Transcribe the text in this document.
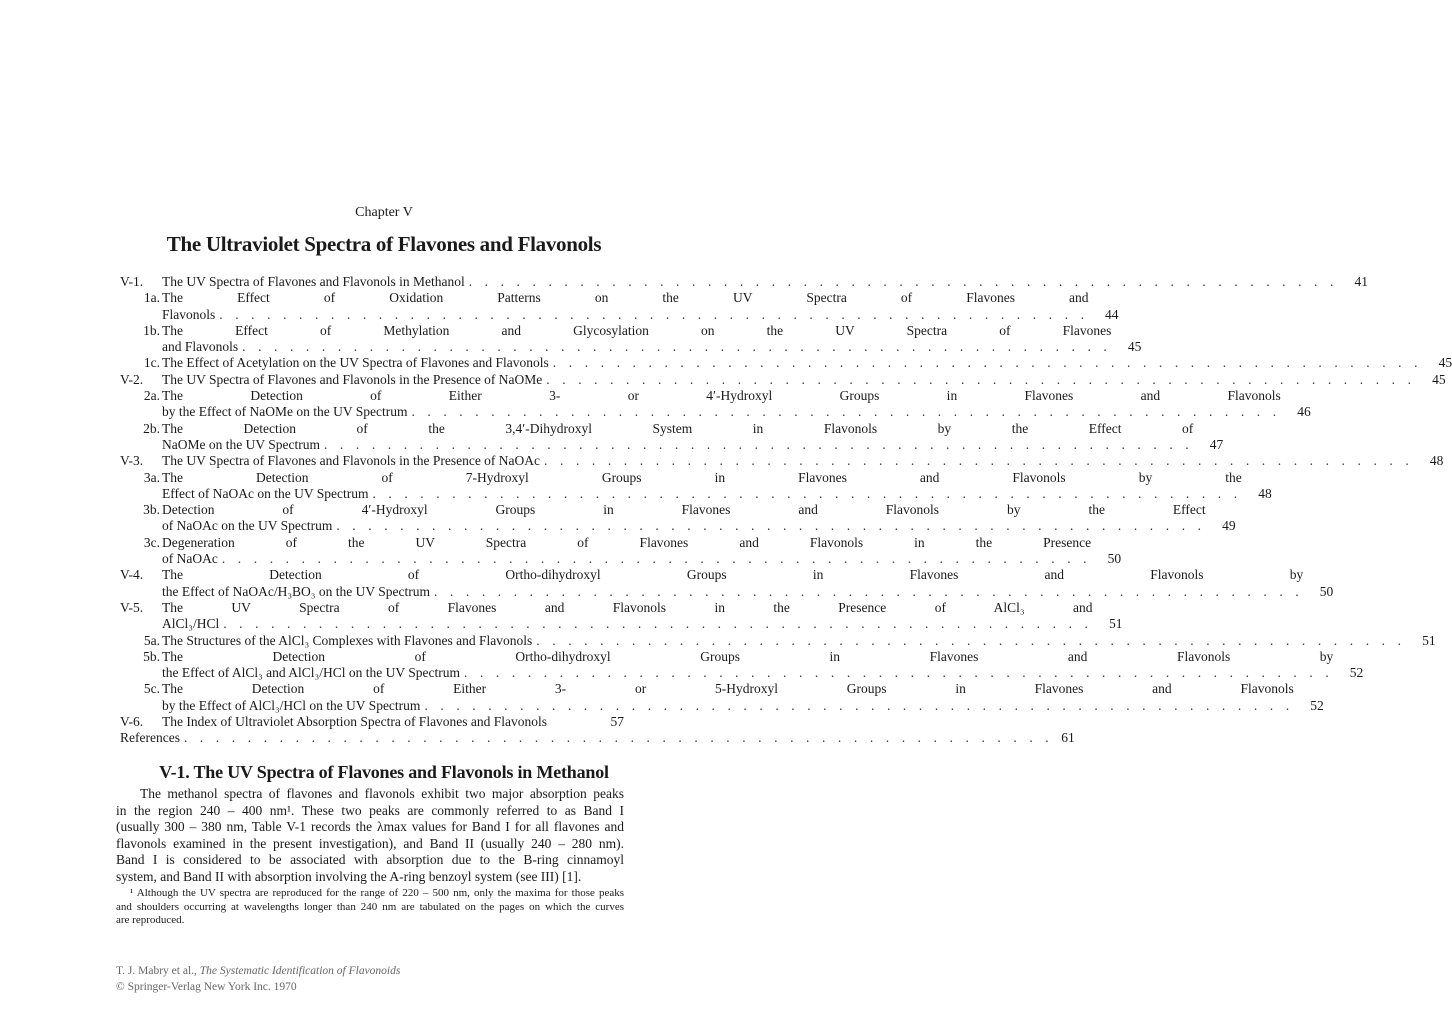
Chapter V
The Ultraviolet Spectra of Flavones and Flavonols
V-1.	The UV Spectra of Flavones and Flavonols in Methanol . . . . . . . . . . . . . . . . . . . . . . . . . . . . . . . . . . . . . . . . . . . . . . . . . . . . . . .	41
1a. The Effect of Oxidation Patterns on the UV Spectra of Flavones and
Flavonols . . . . . . . . . . . . . . . . . . . . . . . . . . . . . . . . . . . . . . . . . . . . . . . . . . . . . . .	44
1b. The Effect of Methylation and Glycosylation on the UV Spectra of Flavones
and Flavonols . . . . . . . . . . . . . . . . . . . . . . . . . . . . . . . . . . . . . . . . . . . . . . . . . . . . . . .	45
1c. The Effect of Acetylation on the UV Spectra of Flavones and Flavonols . . . . . . . . . . . . . . . . . . . . . . . . . . . . . . . . . . . . . . . . . . . . . . . . . . . . . . .	45
V-2.	The UV Spectra of Flavones and Flavonols in the Presence of NaOMe . . . . . . . . . . . . . . . . . . . . . . . . . . . . . . . . . . . . . . . . . . . . . . . . . . . . . . .	45
2a. The Detection of Either 3- or 4′-Hydroxyl Groups in Flavones and Flavonols
by the Effect of NaOMe on the UV Spectrum . . . . . . . . . . . . . . . . . . . . . . . . . . . . . . . . . . . . . . . . . . . . . . . . . . . . . . .	46
2b. The Detection of the 3,4′-Dihydroxyl System in Flavonols by the Effect of
NaOMe on the UV Spectrum . . . . . . . . . . . . . . . . . . . . . . . . . . . . . . . . . . . . . . . . . . . . . . . . . . . . . . .	47
V-3.	The UV Spectra of Flavones and Flavonols in the Presence of NaOAc . . . . . . . . . . . . . . . . . . . . . . . . . . . . . . . . . . . . . . . . . . . . . . . . . . . . . . .	48
3a. The Detection of 7-Hydroxyl Groups in Flavones and Flavonols by the
Effect of NaOAc on the UV Spectrum . . . . . . . . . . . . . . . . . . . . . . . . . . . . . . . . . . . . . . . . . . . . . . . . . . . . . . .	48
3b. Detection of 4′-Hydroxyl Groups in Flavones and Flavonols by the Effect
of NaOAc on the UV Spectrum . . . . . . . . . . . . . . . . . . . . . . . . . . . . . . . . . . . . . . . . . . . . . . . . . . . . . . .	49
3c. Degeneration of the UV Spectra of Flavones and Flavonols in the Presence
of NaOAc . . . . . . . . . . . . . . . . . . . . . . . . . . . . . . . . . . . . . . . . . . . . . . . . . . . . . . .	50
V-4.	The Detection of Ortho-dihydroxyl Groups in Flavones and Flavonols by
the Effect of NaOAc/H₃BO₃ on the UV Spectrum . . . . . . . . . . . . . . . . . . . . . . . . . . . . . . . . . . . . . . . . . . . . . . . . . . . . . . .	50
V-5.	The UV Spectra of Flavones and Flavonols in the Presence of AlCl₃ and
AlCl₃/HCl . . . . . . . . . . . . . . . . . . . . . . . . . . . . . . . . . . . . . . . . . . . . . . . . . . . . . . .	51
5a. The Structures of the AlCl₃ Complexes with Flavones and Flavonols . . . . . . . . . . . . . . . . . . . . . . . . . . . . . . . . . . . . . . . . . . . . . . . . . . . . . . .	51
5b. The Detection of Ortho-dihydroxyl Groups in Flavones and Flavonols by
the Effect of AlCl₃ and AlCl₃/HCl on the UV Spectrum . . . . . . . . . . . . . . . . . . . . . . . . . . . . . . . . . . . . . . . . . . . . . . . . . . . . . . .	52
5c. The Detection of Either 3- or 5-Hydroxyl Groups in Flavones and Flavonols
by the Effect of AlCl₃/HCl on the UV Spectrum . . . . . . . . . . . . . . . . . . . . . . . . . . . . . . . . . . . . . . . . . . . . . . . . . . . . . . .	52
V-6.	The Index of Ultraviolet Absorption Spectra of Flavones and Flavonols	57
References . . . . . . . . . . . . . . . . . . . . . . . . . . . . . . . . . . . . . . . . . . . . . . . . . . . . . . . 61
V-1. The UV Spectra of Flavones and Flavonols in Methanol
The methanol spectra of flavones and flavonols exhibit two major absorption peaks
in the region 240 – 400 nm¹. These two peaks are commonly referred to as Band I
(usually 300 – 380 nm, Table V-1 records the λmax values for Band I for all flavones and
flavonols examined in the present investigation), and Band II (usually 240 – 280 nm).
Band I is considered to be associated with absorption due to the B-ring cinnamoyl
system, and Band II with absorption involving the A-ring benzoyl system (see III) [1].
¹ Although the UV spectra are reproduced for the range of 220 – 500 nm, only the maxima for those peaks
and shoulders occurring at wavelengths longer than 240 nm are tabulated on the pages on which the curves
are reproduced.
T. J. Mabry et al., The Systematic Identification of Flavonoids
© Springer-Verlag New York Inc. 1970
